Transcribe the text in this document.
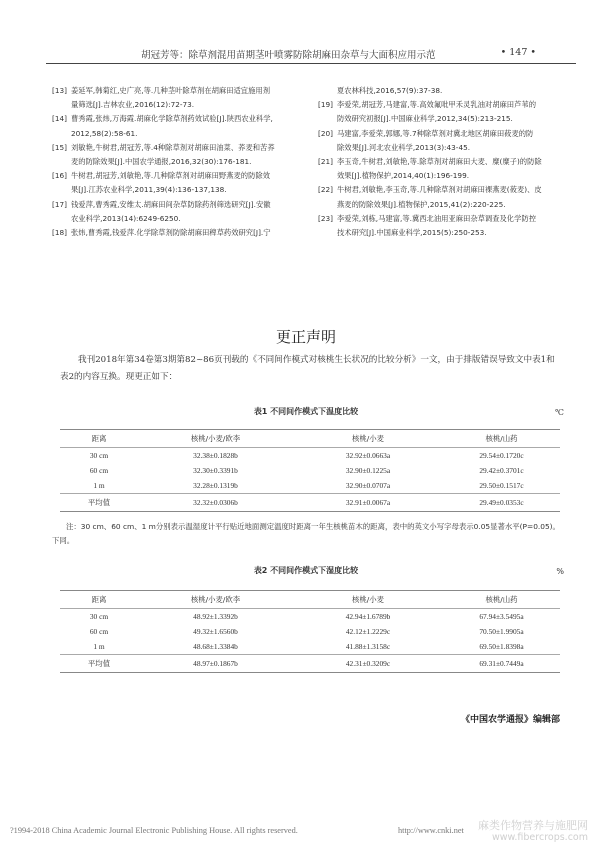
胡冠芳等：除草剂混用苗期茎叶喷雾防除胡麻田杂草与大面积应用示范	• 147 •
[13] 姜延军,韩菊红,史广亮,等.几种茎叶除草剂在胡麻田适宜施用剂
量筛选[J].吉林农业,2016(12):72-73.
[14] 曹秀霞,张炜,万海霞.胡麻化学除草剂药效试验[J].陕西农业科学,
2012,58(2):58-61.
[15] 刘敏艳,牛树君,胡冠芳,等.4种除草剂对胡麻田油菜、荞麦和苦荞
麦的防除效果[J].中国农学通报,2016,32(30):176-181.
[16] 牛树君,胡冠芳,刘敏艳,等.几种除草剂对胡麻田野燕麦的防除效
果[J].江苏农业科学,2011,39(4):136-137,138.
[17] 钱爱萍,曹秀霞,安维太.胡麻田间杂草防除药剂筛选研究[J].安徽
农业科学,2013(14):6249-6250.
[18] 张炜,曹秀霞,钱爱萍.化学除草剂防除胡麻田稗草药效研究[J].宁
夏农林科技,2016,57(9):37-38.
[19] 李爱荣,胡冠芳,马建富,等.高效氟吡甲禾灵乳油对胡麻田芦苇的
防效研究初报[J].中国麻业科学,2012,34(5):213-215.
[20] 马建富,李爱荣,郭娜,等.7种除草剂对冀北地区胡麻田莜麦的防
除效果[J].河北农业科学,2013(3):43-45.
[21] 李玉奇,牛树君,刘敏艳,等.除草剂对胡麻田大麦、糜(糜子)的防除
效果[J].植物保护,2014,40(1):196-199.
[22] 牛树君,刘敏艳,李玉奇,等.几种除草剂对胡麻田裸燕麦(莜麦)、皮
燕麦的防除效果[J].植物保护,2015,41(2):220-225.
[23] 李爱荣,刘栋,马建富,等.冀西北油用亚麻田杂草调查及化学防控
技术研究[J].中国麻业科学,2015(5):250-253.
更正声明
我刊2018年第34卷第3期第82~86页刊载的《不同间作模式对核桃生长状况的比较分析》一文，由于排版错误导致文中表1和表2的内容互换。现更正如下：
表1 不同间作模式下温度比较	℃
距离	核桃/小麦/欧李	核桃/小麦	核桃/山药
30 cm	32.38±0.1828b	32.92±0.0663a	29.54±0.1720c
60 cm	32.30±0.3391b	32.90±0.1225a	29.42±0.3701c
1 m	32.28±0.1319b	32.90±0.0707a	29.50±0.1517c
平均值	32.32±0.0306b	32.91±0.0067a	29.49±0.0353c
注：30 cm、60 cm、1 m分别表示温湿度计平行贴近地面测定温度时距离一年生核桃苗木的距离，表中的英文小写字母表示0.05显著水平(P=0.05)。下同。
表2 不同间作模式下湿度比较	%
距离	核桃/小麦/欧李	核桃/小麦	核桃/山药
30 cm	48.92±1.3392b	42.94±1.6789b	67.94±3.5495a
60 cm	49.32±1.6560b	42.12±1.2229c	70.50±1.9905a
1 m	48.68±1.3384b	41.88±1.3158c	69.50±1.8398a
平均值	48.97±0.1867b	42.31±0.3209c	69.31±0.7449a
《中国农学通报》编辑部
?1994-2018 China Academic Journal Electronic Publishing House. All rights reserved.	http://www.cnki.net 麻类作物营养与施肥网
www.fibercrops.com
